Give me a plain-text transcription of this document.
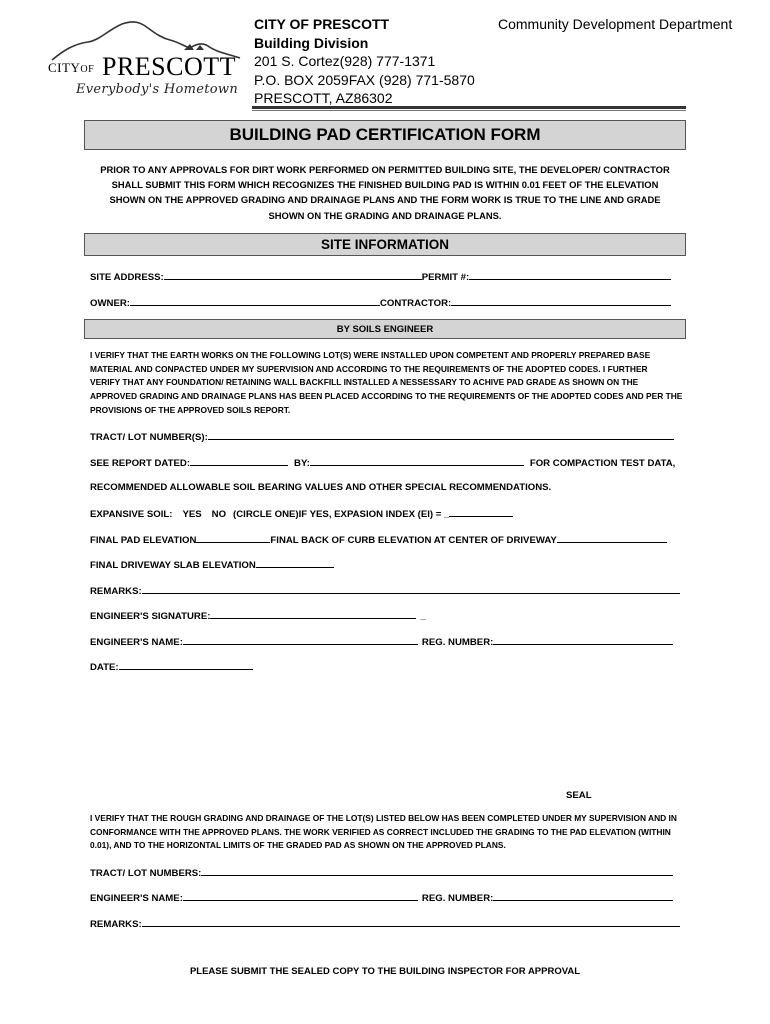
CITYOF PRESCOTT
Everybody's Hometown
CITY OF PRESCOTT
Building Division
201 S. Cortez(928) 777-1371
P.O. BOX 2059FAX (928) 771-5870
PRESCOTT, AZ86302
Community Development Department
BUILDING PAD CERTIFICATION FORM
PRIOR TO ANY APPROVALS FOR DIRT WORK PERFORMED ON PERMITTED BUILDING SITE, THE DEVELOPER/ CONTRACTOR
SHALL SUBMIT THIS FORM WHICH RECOGNIZES THE FINISHED BUILDING PAD IS WITHIN 0.01 FEET OF THE ELEVATION
SHOWN ON THE APPROVED GRADING AND DRAINAGE PLANS AND THE FORM WORK IS TRUE TO THE LINE AND GRADE
SHOWN ON THE GRADING AND DRAINAGE PLANS.
SITE INFORMATION
SITE ADDRESS:	PERMIT #:
OWNER:	CONTRACTOR:
BY SOILS ENGINEER
I VERIFY THAT THE EARTH WORKS ON THE FOLLOWING LOT(S) WERE INSTALLED UPON COMPETENT AND PROPERLY PREPARED BASE
MATERIAL AND CONPACTED UNDER MY SUPERVISION AND ACCORDING TO THE REQUIREMENTS OF THE ADOPTED CODES. I FURTHER
VERIFY THAT ANY FOUNDATION/ RETAINING WALL BACKFILL INSTALLED A NESSESSARY TO ACHIVE PAD GRADE AS SHOWN ON THE
APPROVED GRADING AND DRAINAGE PLANS HAS BEEN PLACED ACCORDING TO THE REQUIREMENTS OF THE ADOPTED CODES AND PER THE
PROVISIONS OF THE APPROVED SOILS REPORT.
TRACT/ LOT NUMBER(S):
SEE REPORT DATED:	BY:	FOR COMPACTION TEST DATA,
RECOMMENDED ALLOWABLE SOIL BEARING VALUES AND OTHER SPECIAL RECOMMENDATIONS.
EXPANSIVE SOIL: YES NO (CIRCLE ONE)IF YES, EXPASION INDEX (EI) = _
FINAL PAD ELEVATION	FINAL BACK OF CURB ELEVATION AT CENTER OF DRIVEWAY
FINAL DRIVEWAY SLAB ELEVATION
REMARKS:
ENGINEER'S SIGNATURE:	_
ENGINEER'S NAME:	REG. NUMBER:
DATE:
SEAL
I VERIFY THAT THE ROUGH GRADING AND DRAINAGE OF THE LOT(S) LISTED BELOW HAS BEEN COMPLETED UNDER MY SUPERVISION AND IN
CONFORMANCE WITH THE APPROVED PLANS. THE WORK VERIFIED AS CORRECT INCLUDED THE GRADING TO THE PAD ELEVATION (WITHIN
0.01), AND TO THE HORIZONTAL LIMITS OF THE GRADED PAD AS SHOWN ON THE APPROVED PLANS.
TRACT/ LOT NUMBERS:
ENGINEER'S NAME:	REG. NUMBER:
REMARKS:
PLEASE SUBMIT THE SEALED COPY TO THE BUILDING INSPECTOR FOR APPROVAL
